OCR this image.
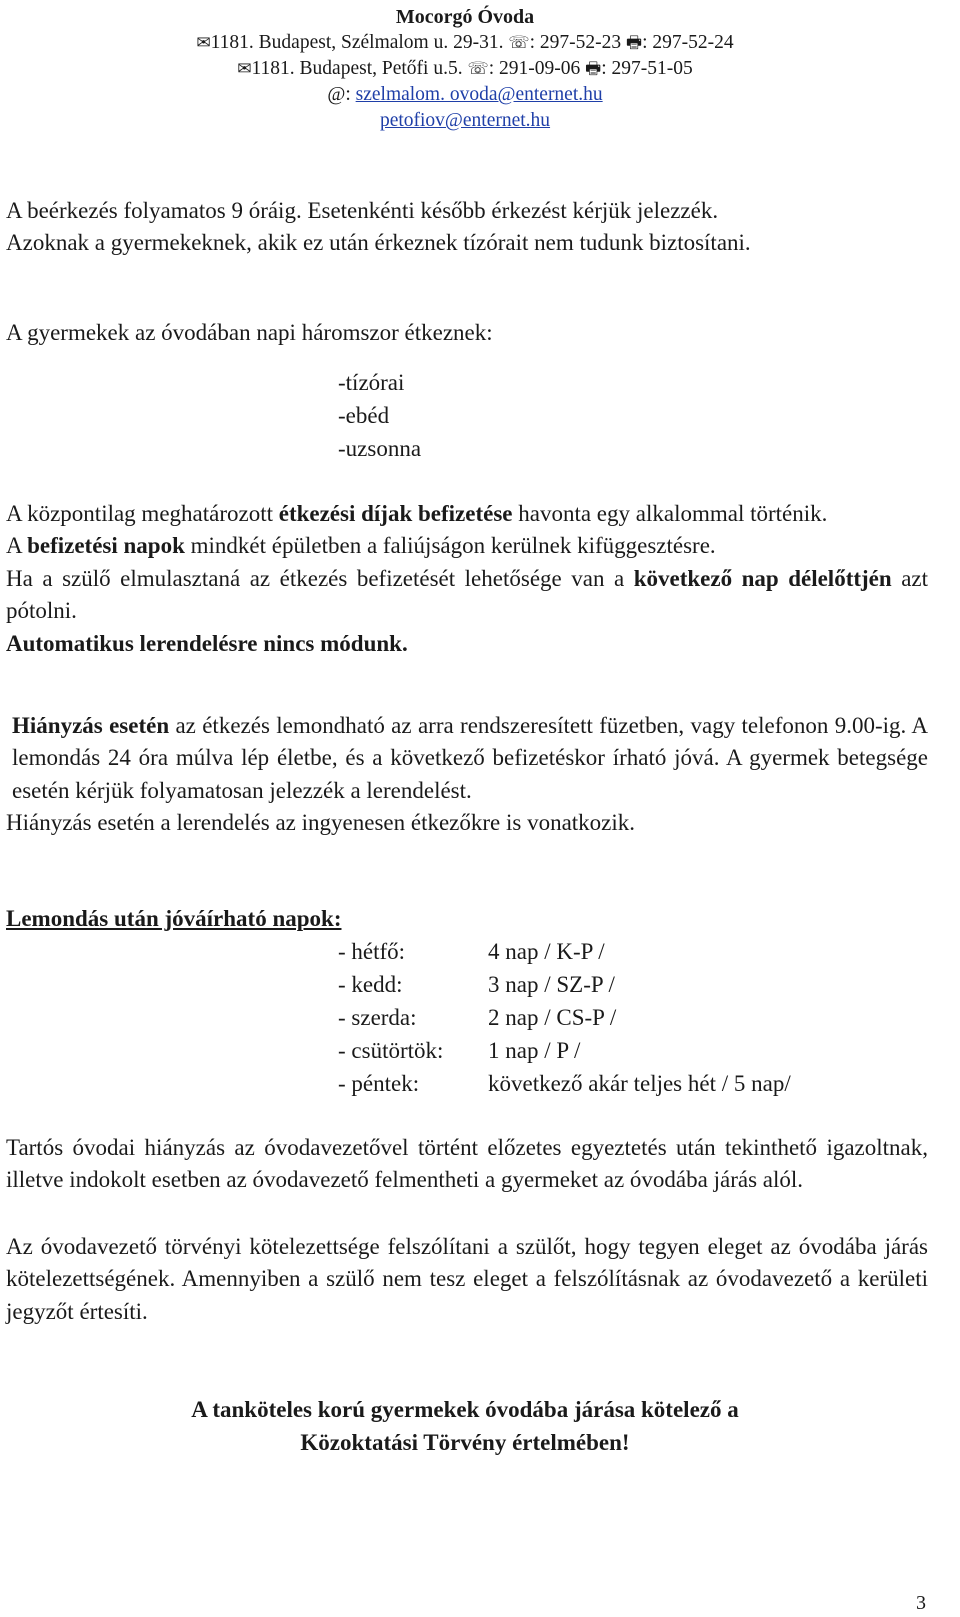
Mocorgó Óvoda
✉1181. Budapest, Szélmalom u. 29-31. ☏: 297-52-23 🖶: 297-52-24
✉1181. Budapest, Petőfi u.5. ☏: 291-09-06 🖶: 297-51-05
@: szelmalom. ovoda@enternet.hu
petofiov@enternet.hu
A beérkezés folyamatos 9 óráig. Esetenkénti később érkezést kérjük jelezzék.
Azoknak a gyermekeknek, akik ez után érkeznek tízórait nem tudunk biztosítani.
A gyermekek az óvodában napi háromszor étkeznek:
-tízórai
-ebéd
-uzsonna
A központilag meghatározott étkezési díjak befizetése havonta egy alkalommal történik.
A befizetési napok mindkét épületben a faliújságon kerülnek kifüggesztésre.
Ha a szülő elmulasztaná az étkezés befizetését lehetősége van a következő nap délelőttjén azt pótolni.
Automatikus lerendelésre nincs módunk.
Hiányzás esetén az étkezés lemondható az arra rendszeresített füzetben, vagy telefonon 9.00-ig. A lemondás 24 óra múlva lép életbe, és a következő befizetéskor írható jóvá. A gyermek betegsége esetén kérjük folyamatosan jelezzék a lerendelést.
Hiányzás esetén a lerendelés az ingyenesen étkezőkre is vonatkozik.
Lemondás után jóváírható napok:
- hétfő:	4 nap / K-P /
- kedd:	3 nap / SZ-P /
- szerda:	2 nap / CS-P /
- csütörtök:	1 nap / P /
- péntek:	következő akár teljes hét / 5 nap/
Tartós óvodai hiányzás az óvodavezetővel történt előzetes egyeztetés után tekinthető igazoltnak, illetve indokolt esetben az óvodavezető felmentheti a gyermeket az óvodába járás alól.
Az óvodavezető törvényi kötelezettsége felszólítani a szülőt, hogy tegyen eleget az óvodába járás kötelezettségének. Amennyiben a szülő nem tesz eleget a felszólításnak az óvodavezető a kerületi jegyzőt értesíti.
A tanköteles korú gyermekek óvodába járása kötelező a
Közoktatási Törvény értelmében!
3
